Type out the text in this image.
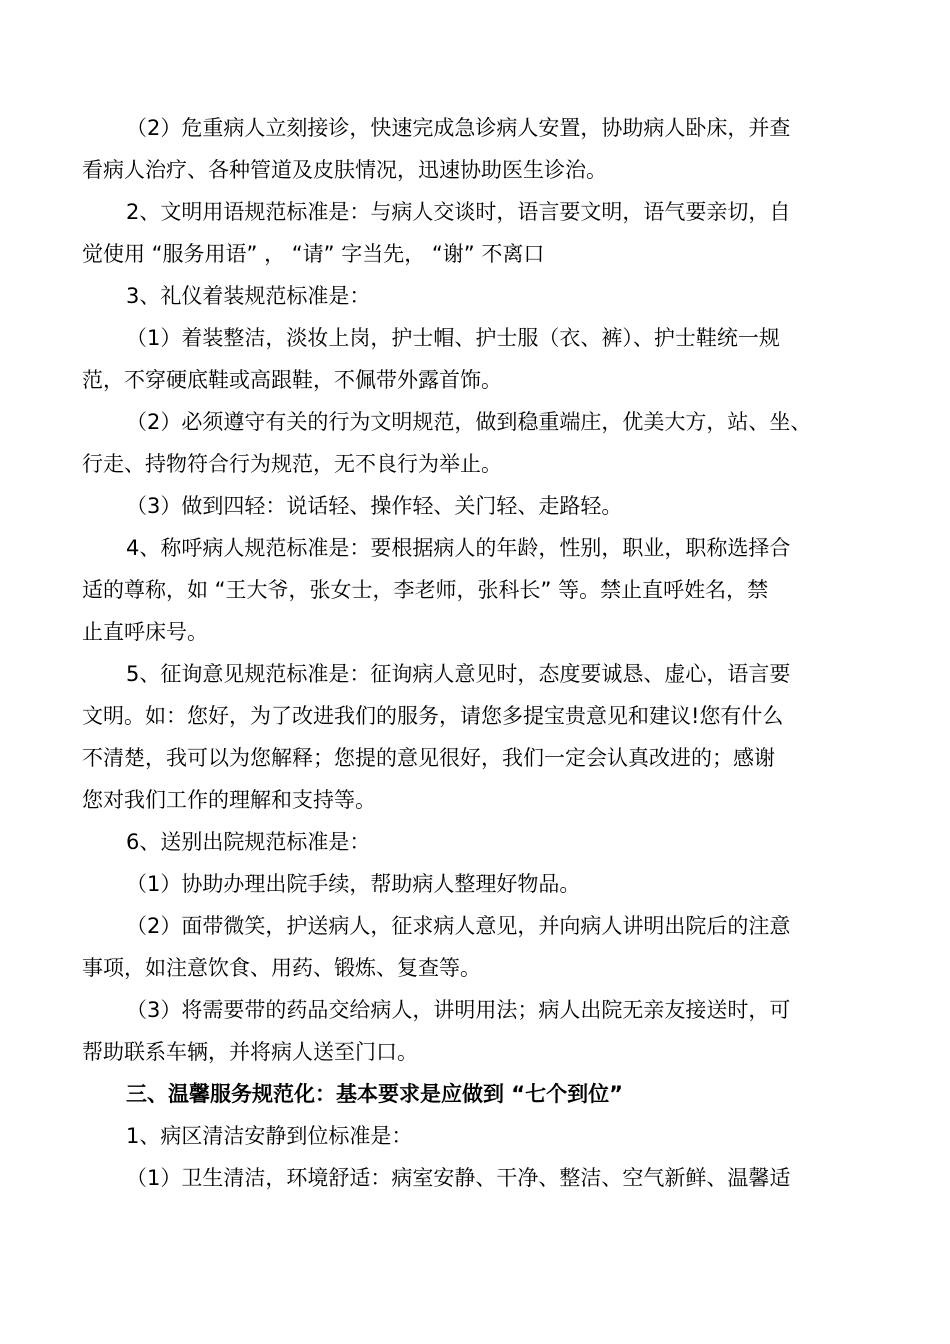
（2）危重病人立刻接诊，快速完成急诊病人安置，协助病人卧床，并查
看病人治疗、各种管道及皮肤情况，迅速协助医生诊治。
2、文明用语规范标准是：与病人交谈时，语言要文明，语气要亲切，自
觉使用 “服务用语” ， “请” 字当先， “谢” 不离口
3、礼仪着装规范标准是：
（1）着装整洁，淡妆上岗，护士帽、护士服（衣、裤）、护士鞋统一规
范，不穿硬底鞋或高跟鞋，不佩带外露首饰。
（2）必须遵守有关的行为文明规范，做到稳重端庄，优美大方，站、坐、
行走、持物符合行为规范，无不良行为举止。
（3）做到四轻：说话轻、操作轻、关门轻、走路轻。
4、称呼病人规范标准是：要根据病人的年龄，性别，职业，职称选择合
适的尊称，如 “王大爷，张女士，李老师，张科长” 等。禁止直呼姓名，禁
止直呼床号。
5、征询意见规范标准是：征询病人意见时，态度要诚恳、虚心，语言要
文明。如：您好，为了改进我们的服务，请您多提宝贵意见和建议!您有什么
不清楚，我可以为您解释；您提的意见很好，我们一定会认真改进的；感谢
您对我们工作的理解和支持等。
6、送别出院规范标准是：
（1）协助办理出院手续，帮助病人整理好物品。
（2）面带微笑，护送病人，征求病人意见，并向病人讲明出院后的注意
事项，如注意饮食、用药、锻炼、复查等。
（3）将需要带的药品交给病人，讲明用法；病人出院无亲友接送时，可
帮助联系车辆，并将病人送至门口。
三、温馨服务规范化：基本要求是应做到 “七个到位”
1、病区清洁安静到位标准是：
（1）卫生清洁，环境舒适：病室安静、干净、整洁、空气新鲜、温馨适
